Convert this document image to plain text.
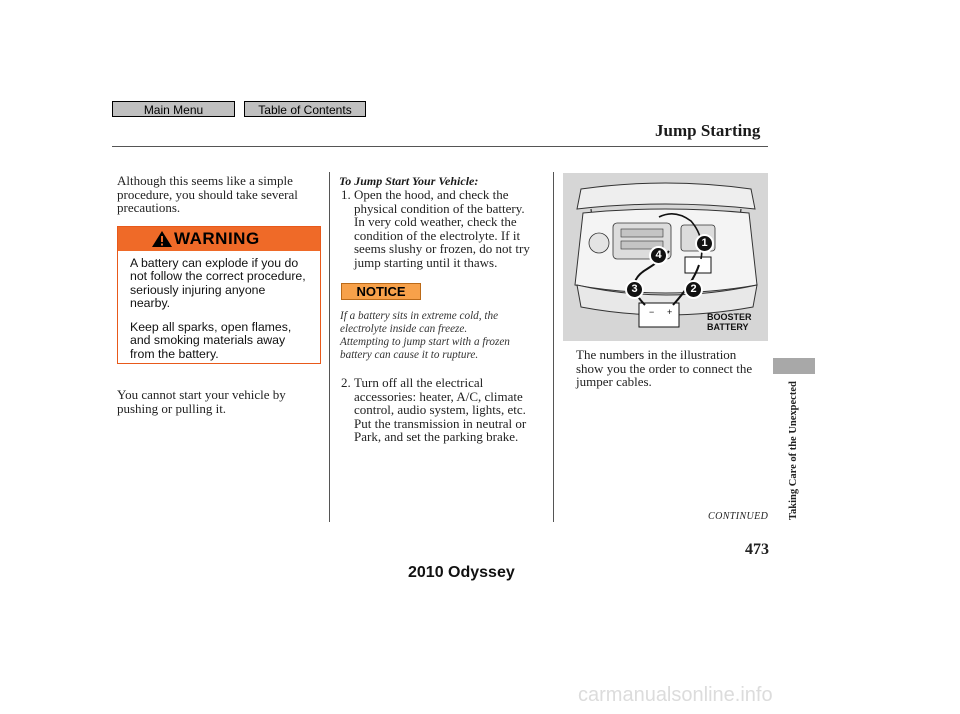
Main Menu	Table of Contents
Jump Starting
Although this seems like a simple
procedure, you should take several
precautions.
WARNING
A battery can explode if you do
not follow the correct procedure,
seriously injuring anyone
nearby.
Keep all sparks, open flames,
and smoking materials away
from the battery.
You cannot start your vehicle by
pushing or pulling it.
To Jump Start Your Vehicle:
1. Open the hood, and check the
physical condition of the battery.
In very cold weather, check the
condition of the electrolyte. If it
seems slushy or frozen, do not try
jump starting until it thaws.
NOTICE
If a battery sits in extreme cold, the
electrolyte inside can freeze.
Attempting to jump start with a frozen
battery can cause it to rupture.
2. Turn off all the electrical
accessories: heater, A/C, climate
control, audio system, lights, etc.
Put the transmission in neutral or
Park, and set the parking brake.
− +
1
2
3
4
BOOSTER
BATTERY
The numbers in the illustration
show you the order to connect the
jumper cables.	Taking Care of the Unexpected
CONTINUED
473
2010 Odyssey
carmanualsonline.info
